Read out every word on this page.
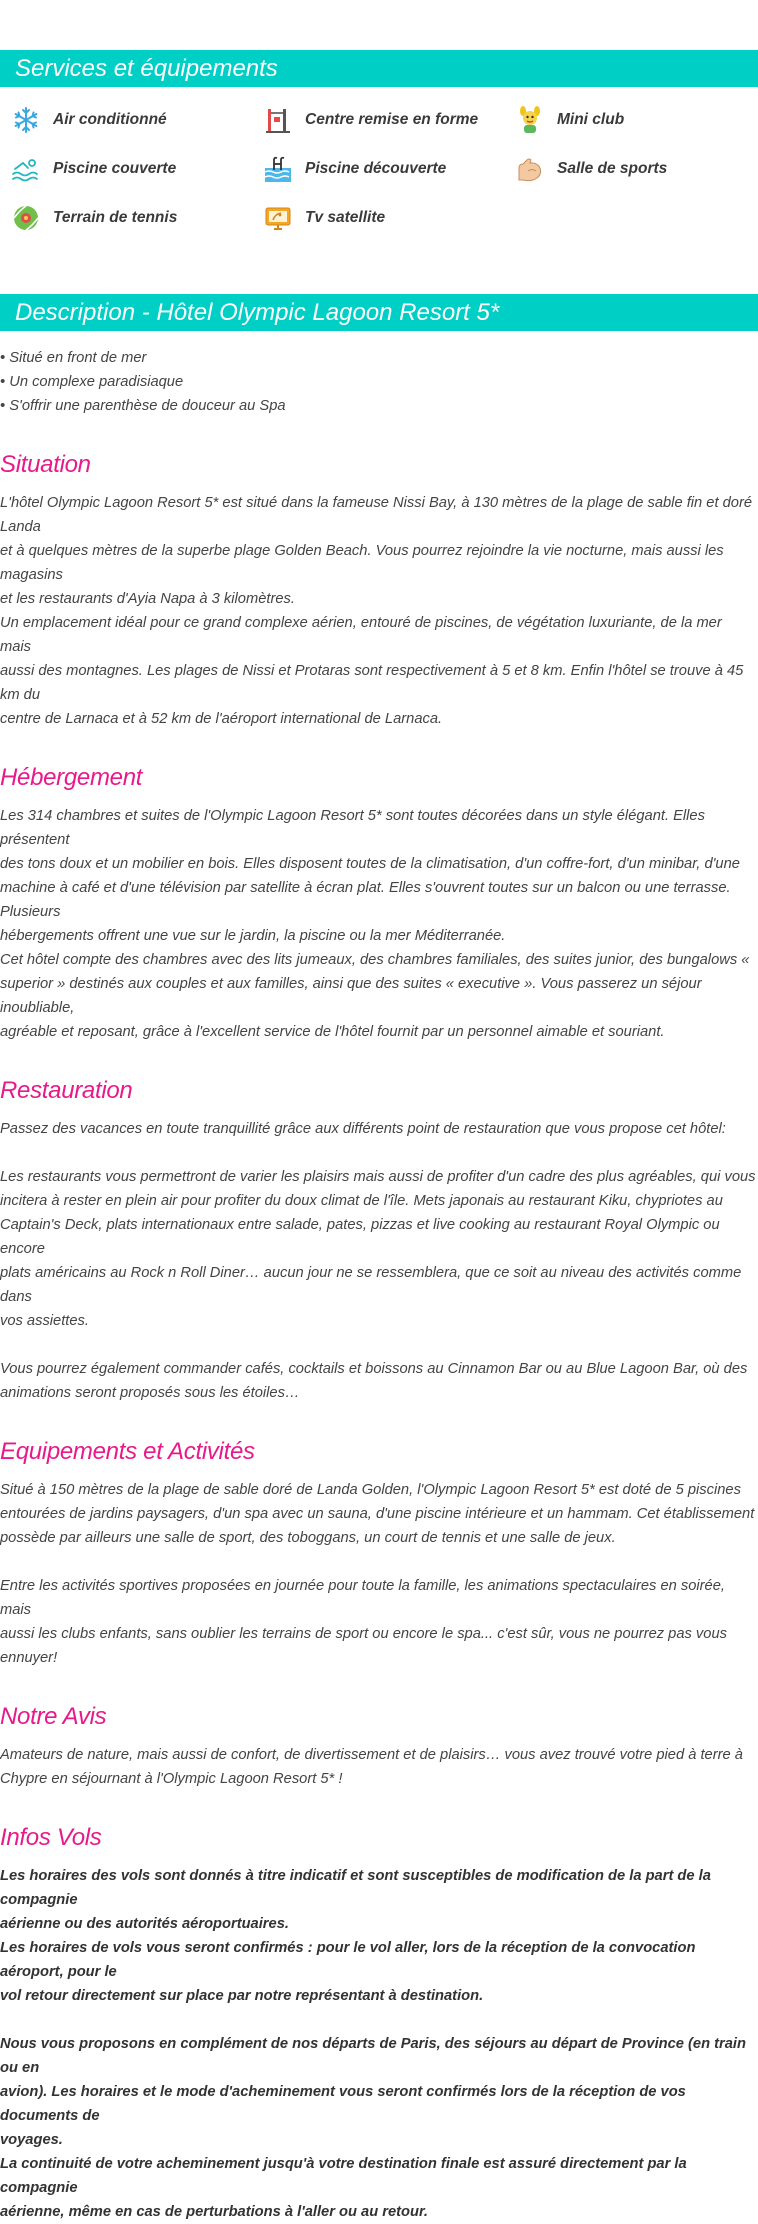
Services et équipements
Air conditionné	Centre remise en forme	Mini club
Piscine couverte	Piscine découverte	Salle de sports
Terrain de tennis	Tv satellite
Description - Hôtel Olympic Lagoon Resort 5*

• Situé en front de mer

• Un complexe paradisiaque

• S'offrir une parenthèse de douceur au Spa

Situation

L'hôtel Olympic Lagoon Resort 5* est situé dans la fameuse Nissi Bay, à 130 mètres de la plage de sable fin et doré Landa

et à quelques mètres de la superbe plage Golden Beach. Vous pourrez rejoindre la vie nocturne, mais aussi les magasins

et les restaurants d'Ayia Napa à 3 kilomètres.

Un emplacement idéal pour ce grand complexe aérien, entouré de piscines, de végétation luxuriante, de la mer mais

aussi des montagnes. Les plages de Nissi et Protaras sont respectivement à 5 et 8 km. Enfin l'hôtel se trouve à 45 km du

centre de Larnaca et à 52 km de l'aéroport international de Larnaca.

Hébergement

Les 314 chambres et suites de l'Olympic Lagoon Resort 5* sont toutes décorées dans un style élégant. Elles présentent

des tons doux et un mobilier en bois. Elles disposent toutes de la climatisation, d'un coffre-fort, d'un minibar, d'une

machine à café et d'une télévision par satellite à écran plat. Elles s'ouvrent toutes sur un balcon ou une terrasse. Plusieurs

hébergements offrent une vue sur le jardin, la piscine ou la mer Méditerranée.

Cet hôtel compte des chambres avec des lits jumeaux, des chambres familiales, des suites junior, des bungalows «

superior » destinés aux couples et aux familles, ainsi que des suites « executive ». Vous passerez un séjour inoubliable,

agréable et reposant, grâce à l'excellent service de l'hôtel fournit par un personnel aimable et souriant.

Restauration

Passez des vacances en toute tranquillité grâce aux différents point de restauration que vous propose cet hôtel:

Les restaurants vous permettront de varier les plaisirs mais aussi de profiter d'un cadre des plus agréables, qui vous

incitera à rester en plein air pour profiter du doux climat de l'île. Mets japonais au restaurant Kiku, chypriotes au

Captain's Deck, plats internationaux entre salade, pates, pizzas et live cooking au restaurant Royal Olympic ou encore

plats américains au Rock n Roll Diner… aucun jour ne se ressemblera, que ce soit au niveau des activités comme dans

vos assiettes.

Vous pourrez également commander cafés, cocktails et boissons au Cinnamon Bar ou au Blue Lagoon Bar, où des

animations seront proposés sous les étoiles…

Equipements et Activités

Situé à 150 mètres de la plage de sable doré de Landa Golden, l'Olympic Lagoon Resort 5* est doté de 5 piscines

entourées de jardins paysagers, d'un spa avec un sauna, d'une piscine intérieure et un hammam. Cet établissement

possède par ailleurs une salle de sport, des toboggans, un court de tennis et une salle de jeux.

Entre les activités sportives proposées en journée pour toute la famille, les animations spectaculaires en soirée, mais

aussi les clubs enfants, sans oublier les terrains de sport ou encore le spa... c'est sûr, vous ne pourrez pas vous ennuyer!

Notre Avis

Amateurs de nature, mais aussi de confort, de divertissement et de plaisirs… vous avez trouvé votre pied à terre à

Chypre en séjournant à l'Olympic Lagoon Resort 5* !

Infos Vols

Les horaires des vols sont donnés à titre indicatif et sont susceptibles de modification de la part de la compagnie

aérienne ou des autorités aéroportuaires.

Les horaires de vols vous seront confirmés : pour le vol aller, lors de la réception de la convocation aéroport, pour le

vol retour directement sur place par notre représentant à destination.

Nous vous proposons en complément de nos départs de Paris, des séjours au départ de Province (en train ou en

avion). Les horaires et le mode d'acheminement vous seront confirmés lors de la réception de vos documents de

voyages.

La continuité de votre acheminement jusqu'à votre destination finale est assuré directement par la compagnie

aérienne, même en cas de perturbations à l'aller ou au retour.
